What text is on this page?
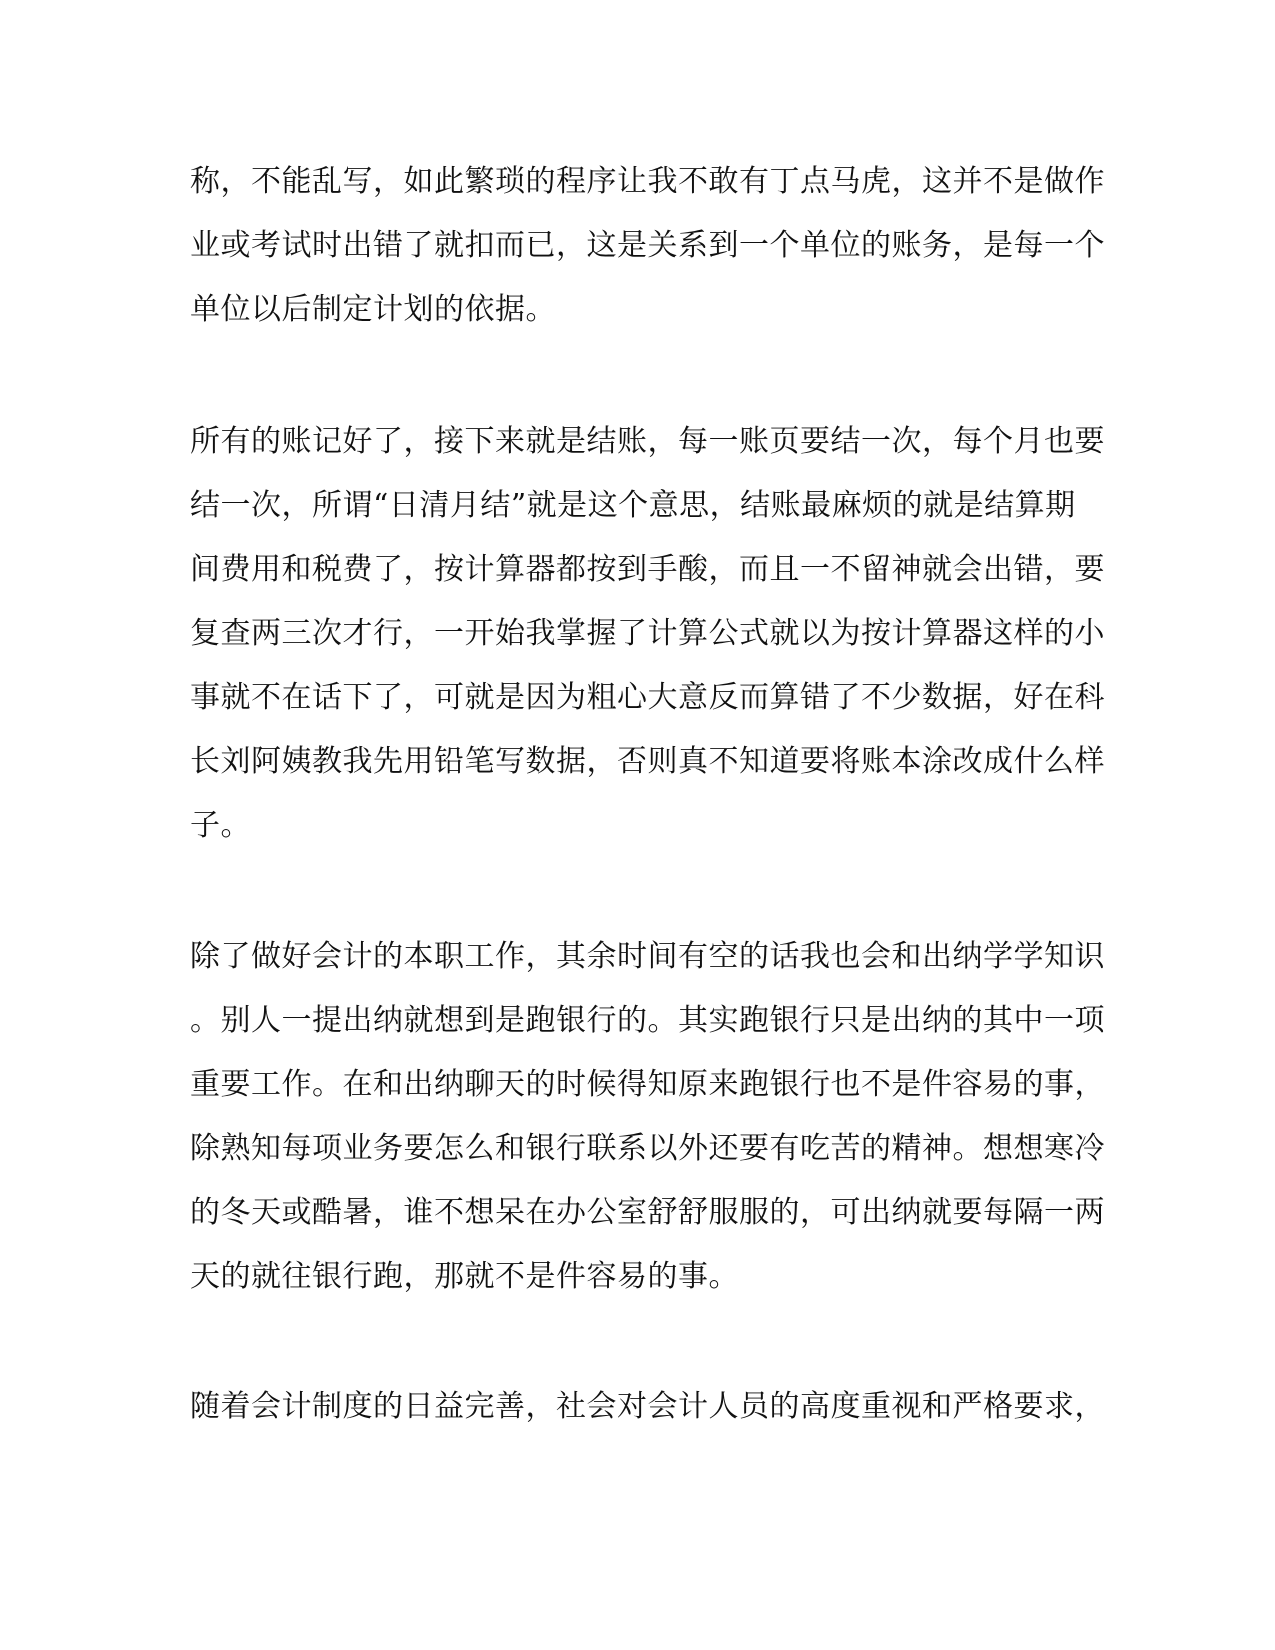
称，不能乱写，如此繁琐的程序让我不敢有丁点马虎，这并不是做作
业或考试时出错了就扣而已，这是关系到一个单位的账务，是每一个
单位以后制定计划的依据。
所有的账记好了，接下来就是结账，每一账页要结一次，每个月也要
结一次，所谓“日清月结”就是这个意思，结账最麻烦的就是结算期
间费用和税费了，按计算器都按到手酸，而且一不留神就会出错，要
复查两三次才行，一开始我掌握了计算公式就以为按计算器这样的小
事就不在话下了，可就是因为粗心大意反而算错了不少数据，好在科
长刘阿姨教我先用铅笔写数据，否则真不知道要将账本涂改成什么样
子。
除了做好会计的本职工作，其余时间有空的话我也会和出纳学学知识
。别人一提出纳就想到是跑银行的。其实跑银行只是出纳的其中一项
重要工作。在和出纳聊天的时候得知原来跑银行也不是件容易的事，
除熟知每项业务要怎么和银行联系以外还要有吃苦的精神。想想寒冷
的冬天或酷暑，谁不想呆在办公室舒舒服服的，可出纳就要每隔一两
天的就往银行跑，那就不是件容易的事。
随着会计制度的日益完善，社会对会计人员的高度重视和严格要求，
